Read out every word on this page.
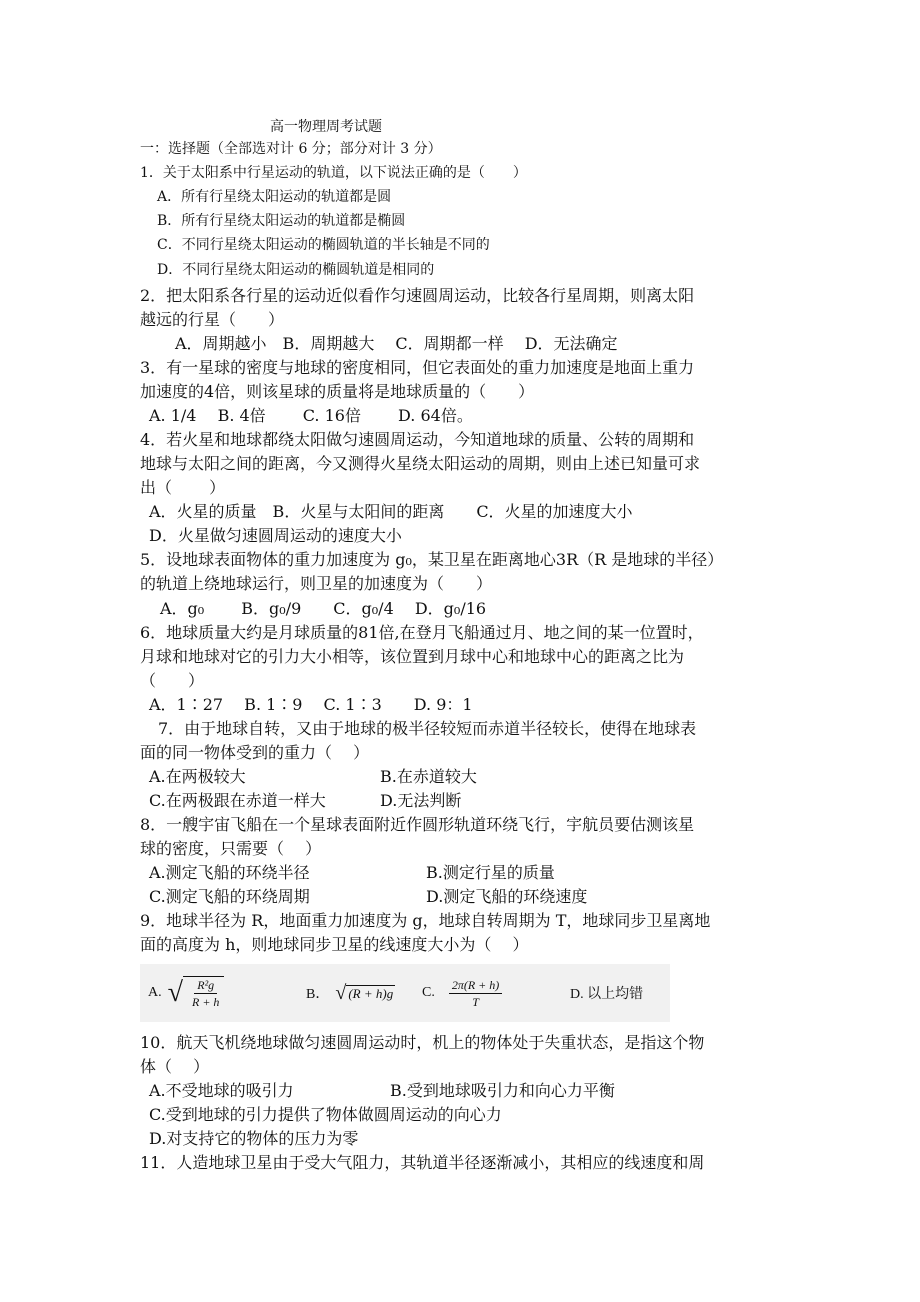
高一物理周考试题
一：选择题（全部选对计 6 分；部分对计 3 分）
1．关于太阳系中行星运动的轨道，以下说法正确的是（　　）
A．所有行星绕太阳运动的轨道都是圆
B．所有行星绕太阳运动的轨道都是椭圆
C．不同行星绕太阳运动的椭圆轨道的半长轴是不同的
D．不同行星绕太阳运动的椭圆轨道是相同的
2．把太阳系各行星的运动近似看作匀速圆周运动，比较各行星周期，则离太阳
越远的行星（　　）
A．周期越小　B．周期越大　 C．周期都一样　 D．无法确定
3．有一星球的密度与地球的密度相同，但它表面处的重力加速度是地面上重力
加速度的4倍，则该星球的质量将是地球质量的（　　）
A. 1/4　 B. 4倍　　 C. 16倍　　 D. 64倍。
4．若火星和地球都绕太阳做匀速圆周运动，今知道地球的质量、公转的周期和
地球与太阳之间的距离，今又测得火星绕太阳运动的周期，则由上述已知量可求
出（　　 ）
A．火星的质量　B．火星与太阳间的距离　　C．火星的加速度大小
D．火星做匀速圆周运动的速度大小
5．设地球表面物体的重力加速度为 g₀，某卫星在距离地心3R（R 是地球的半径）
的轨道上绕地球运行，则卫星的加速度为（　　）
A．g₀　　 B．g₀/9　　C．g₀/4　 D．g₀/16
6．地球质量大约是月球质量的81倍,在登月飞船通过月、地之间的某一位置时，
月球和地球对它的引力大小相等，该位置到月球中心和地球中心的距离之比为
（　　）
A．1∶27　 B. 1∶9　 C. 1∶3　　D. 9：1
7．由于地球自转，又由于地球的极半径较短而赤道半径较长，使得在地球表
面的同一物体受到的重力（　 ）
A.在两极较大	B.在赤道较大
C.在两极跟在赤道一样大	D.无法判断
8．一艘宇宙飞船在一个星球表面附近作圆形轨道环绕飞行，宇航员要估测该星
球的密度，只需要（　 ）
A.测定飞船的环绕半径	B.测定行星的质量
C.测定飞船的环绕周期	D.测定飞船的环绕速度
9．地球半径为 R，地面重力加速度为 g，地球自转周期为 T，地球同步卫星离地
面的高度为 h，则地球同步卫星的线速度大小为（　 ）
A. √ $\frac{\text{R²g}}{R + h}$	B． √ (R + h)g C. $\frac{2\pi(R + h)}{T}$	D. 以上均错
10．航天飞机绕地球做匀速圆周运动时，机上的物体处于失重状态，是指这个物
体（　 ）
A.不受地球的吸引力	B.受到地球吸引力和向心力平衡
C.受到地球的引力提供了物体做圆周运动的向心力
D.对支持它的物体的压力为零
11．人造地球卫星由于受大气阻力，其轨道半径逐渐减小，其相应的线速度和周
